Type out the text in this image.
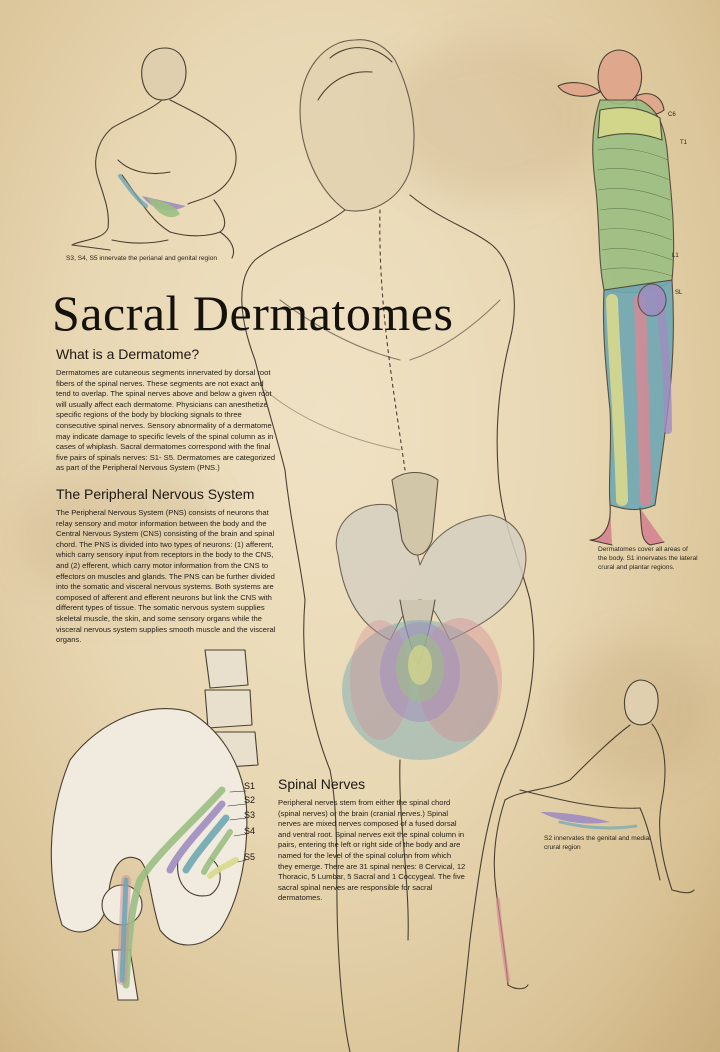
Sacral Dermatomes
What is a Dermatome?
Dermatomes are cutaneous segments innervated by dorsal root fibers of the spinal nerves. These segments are not exact and tend to overlap. The spinal nerves above and below a given root will usually affect each dermatome. Physicians can anesthetize specific regions of the body by blocking signals to three consecutive spinal nerves. Sensory abnormality of a dermatome may indicate damage to specific levels of the spinal column as in cases of whiplash. Sacral dermatomes correspond with the final five pairs of spinals nerves: S1- S5. Dermatomes are categorized as part of the Peripheral Nervous System (PNS.)
The Peripheral Nervous System
The Peripheral Nervous System (PNS) consists of neurons that relay sensory and motor information between the body and the Central Nervous System (CNS) consisting of the brain and spinal chord. The PNS is divided into two types of neurons: (1) afferent, which carry sensory input from receptors in the body to the CNS, and (2) efferent, which carry motor information from the CNS to effectors on muscles and glands. The PNS can be further divided into the somatic and visceral nervous systems. Both systems are composed of afferent and efferent neurons but link the CNS with different types of tissue. The somatic nervous system supplies skeletal muscle, the skin, and some sensory organs while the visceral nervous system supplies smooth muscle and the visceral organs.
Spinal Nerves
Peripheral nerves stem from either the spinal chord (spinal nerves) or the brain (cranial nerves.) Spinal nerves are mixed nerves composed of a fused dorsal and ventral root. Spinal nerves exit the spinal column in pairs, entering the left or right side of the body and are named for the level of the spinal column from which they emerge. There are 31 spinal nerves: 8 Cervical, 12 Thoracic, 5 Lumbar, 5 Sacral and 1 Coccygeal. The five sacral spinal nerves are responsible for sacral dermatomes.
S3, S4, S5 innervate the perianal and genital region
Dermatomes cover all areas of the body. S1 innervates the lateral crural and plantar regions.
S2 innervates the genital and medial crural region
C6
T1
L1
SL
S1
S2
S3
S4
S5
